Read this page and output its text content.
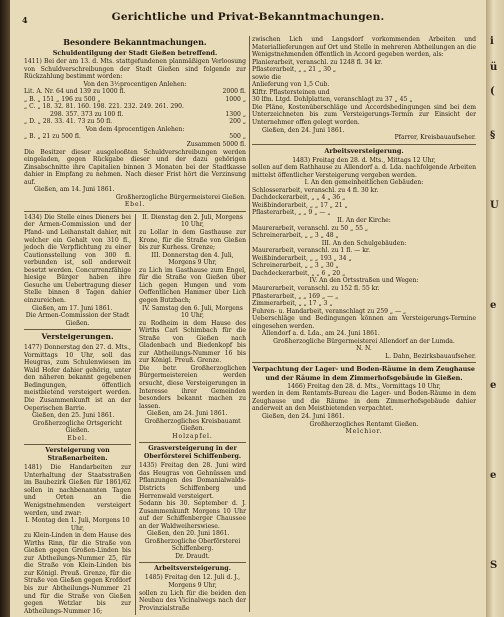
4	Gerichtliche und Privat-Bekanntmachungen.
Besondere Bekanntmachungen.
Schuldentilgung der Stadt Gießen betreffend.

1411) Bei der am 13. d. Mts. stattgefundenen planmäßigen Verloosung von Schuldverschreibungen der Stadt Gießen sind folgende zur Rückzahlung bestimmt worden:

Von den 3½procentigen Anlehen:
Lit. A. Nr. 64 und 139 zu 1000 fl.	2000 fl.
„ B. „ 151 „ 196 zu 500 „	1000 „
„ C. „ 18. 32. 81. 160. 198. 221. 232. 249. 261. 290.
298. 357. 373 zu 100 fl.	1300 „
„ D. „ 28. 33. 41. 73 zu 50 fl.	200 „
Von dem 4procentigen Anlehen:
„ B. „ 21 zu 500 fl.	500 „
Zusammen 5000 fl.

Die Besitzer dieser ausgelooßten Schuldverschreibungen werden eingeladen, gegen Rückgabe dieser und der dazu gehörigen Zinsabschnitte ihre Capitalien binnen 3 Monaten bei der Stadtkasse dahier in Empfang zu nehmen. Nach dieser Frist hört die Verzinsung auf.

Gießen, am 14. Juni 1861.
Großherzogliche Bürgermeisterei Gießen.
Ebel.

1434) Die Stelle eines Dieners bei der Armen-Commission und der Pfand- und Leihanstalt dahier, mit welcher ein Gehalt von 310 fl., jedoch die Verpflichtung zu einer Cautionsstellung von 300 fl. verbunden ist, soll anderweit besetzt werden. Concurrenzfähige hiesige Bürger haben ihre Gesuche um Uebertragung dieser Stelle binnen 8 Tagen dahier einzureichen.

Gießen, am 17. Juni 1861.
Die Armen-Commission der Stadt Gießen.
Versteigerungen.

1477) Donnerstag den 27. d. Mts., Vormittags 10 Uhr, soll das Heugras, zum Schulenwiesen im Wald Hofer dahier gehörig, unter den näheren bekannt gegebenen Bedingungen, öffentlich meistbietend versteigert werden. Die Zusammenkunft ist an der Oeperischen Barrie.

Gießen, den 25. Juni 1861.
Großherzogliche Ortsgericht Gießen.
Ebel.
Versteigerung von Straßenarbeiten.

1481) Die Handarbeiten zur Unterhaltung der Staatsstraßen im Baubezirk Gießen für 1861/62 sollen in nachbenannten Tagen und Orten an die Wenigstnehmenden versteigert werden, und zwar:

I. Montag den 1. Juli, Morgens 10 Uhr,

zu Klein-Linden in dem Hause des Wirths Rinn, für die Straße von Gießen gegen Großen-Linden bis zur Abtheilungs-Nummer 25, für die Straße von Klein-Linden bis zur Königl. Preuß. Grenze, für die Straße von Gießen gegen Krofdorf bis zur Abtheilungs-Nummer 21 und für die Straße von Gießen gegen Wetzlar bis zur Abtheilungs-Nummer 16;

II. Dienstag den 2. Juli, Morgens 10 Uhr,

zu Lollar in dem Gasthause zur Krone, für die Straße von Gießen bis zur Kurhess. Grenze;

III. Donnerstag den 4. Juli, Morgens 9 Uhr,

zu Lich im Gasthause zum Engel, für die Straße von Gießen über Lich gegen Hungen und vom Oeffentlichen Hammer über Lich gegen Butzbach;

IV. Samstag den 6. Juli, Morgens 10 Uhr,

zu Rodheim in dem Hause des Wirths Carl Schimbach für die Straße von Gießen nach Gladenbach und Biedenkopf bis zur Abtheilungs-Nummer 16 bis zur Königl. Preuß. Grenze.

Die betr. Großherzoglichen Bürgermeistereien werden ersucht, diese Versteigerungen in Interesse ihrer Gemeinden besonders bekannt machen zu lassen.

Gießen, am 24. Juni 1861.
Großherzogliches Kreisbauamt Gießen.
Holzapfel.
Grasversteigerung in der Oberförsterei Schiffenberg.

1435) Freitag den 28. Juni wird das Heugras von Gehnüssen und Pflanzungen des Domanialwalds-Districts Schiffenberg und Herrenwald versteigert.

Sodann bis 30. September d. J. Zusammenkunft Morgens 10 Uhr auf der Schiffenberger Chaussee an der Waldweiherswiese.

Gießen, den 20. Juni 1861.
Großherzogliche Oberförsterei Schiffenberg.
Dr. Draudt.
Arbeitsversteigerung.
1485) Freitag den 12. Juli d. J., Morgens 9 Uhr,

sollen zu Lich für die beiden den Neubau des Vicinalwegs nach der Provinzialstraße

zwischen Lich und Langsdorf vorkommenden Arbeiten und Materiallieferungen auf Ort und Stelle in mehreren Abtheilungen an die Wenigstnehmenden öffentlich in Accord gegeben werden, als:

Planierarbeit, veranschl. zu 1248 fl. 34 kr.
Pflasterarbeit, „ „ 21 „ 30 „
sowie die
Anlieferung von 1,5 Cub.
Klftr. Pflastersteinen und
30 lfm. Ltgd. Dohlplatten, veranschlagt zu 37 „ 45 „

Die Pläne, Kostenüberschläge und Accordsbedingungen sind bei dem Unterzeichneten bis zum Versteigerungs-Termin zur Einsicht der Unternehmer offen gelegt worden.

Gießen, den 24. Juni 1861.
Pfarrer, Kreisbauaufseher.
Arbeitsversteigerung.
1483) Freitag den 28. d. Mts., Mittags 12 Uhr,

sollen auf dem Rathhause zu Allendorf a. d. Lda. nachfolgende Arbeiten mittelst öffentlicher Versteigerung vergeben werden.

I. An den gemeinheitlichen Gebäuden:
Schlosserarbeit, veranschl. zu 4 fl. 30 kr.
Dachdeckerarbeit, „ „ 4 „ 36 „
Weißbinderarbeit, „ „ 17 „ 21 „
Pflasterarbeit, „ „ 9 „ — „
II. An der Kirche:
Maurerarbeit, veranschl. zu 50 „ 55 „
Schreinerarbeit, „ „ 3 „ 48 „
III. An den Schulgebäuden:
Maurerarbeit, veranschl. zu 1 fl. — kr.
Weißbinderarbeit, „ „ 193 „ 34 „
Schreinerarbeit, „ „ 3 „ 30 „
Dachdeckerarbeit, „ „ 6 „ 20 „
IV. An den Ortsstraßen und Wegen:
Maurerarbeit, veranschl. zu 152 fl. 55 kr.
Pflasterarbeit, „ „ 169 „ — „
Zimmerarbeit, „ „ 17 „ 3 „
Fuhren- u. Handarbeit, veranschlagt zu 259 „ — „

Ueberschläge und Bedingungen können am Versteigerungs-Termine eingesehen werden.

Allendorf a. d. Lda., am 24. Juni 1861.
Großherzogliche Bürgermeisterei Allendorf an der Lumda.
N. N.
L. Dahn, Bezirksbauaufseher.
Verpachtung der Lager- und Boden-Räume in dem Zeughause und der Räume in dem Zimmerhofsgebäude in Gießen.
1466) Freitag den 28. d. Mts., Vormittags 10 Uhr,

werden in dem Rentamts-Bureau die Lager- und Boden-Räume in dem Zeughause und die Räume in dem Zimmerhofsgebäude dahier anderweit an den Meistbietenden verpachtet.

Gießen, den 24. Juni 1861.
Großherzogliches Rentamt Gießen.
Melchior.
i
ü
(
§
U
e
e
e
S
